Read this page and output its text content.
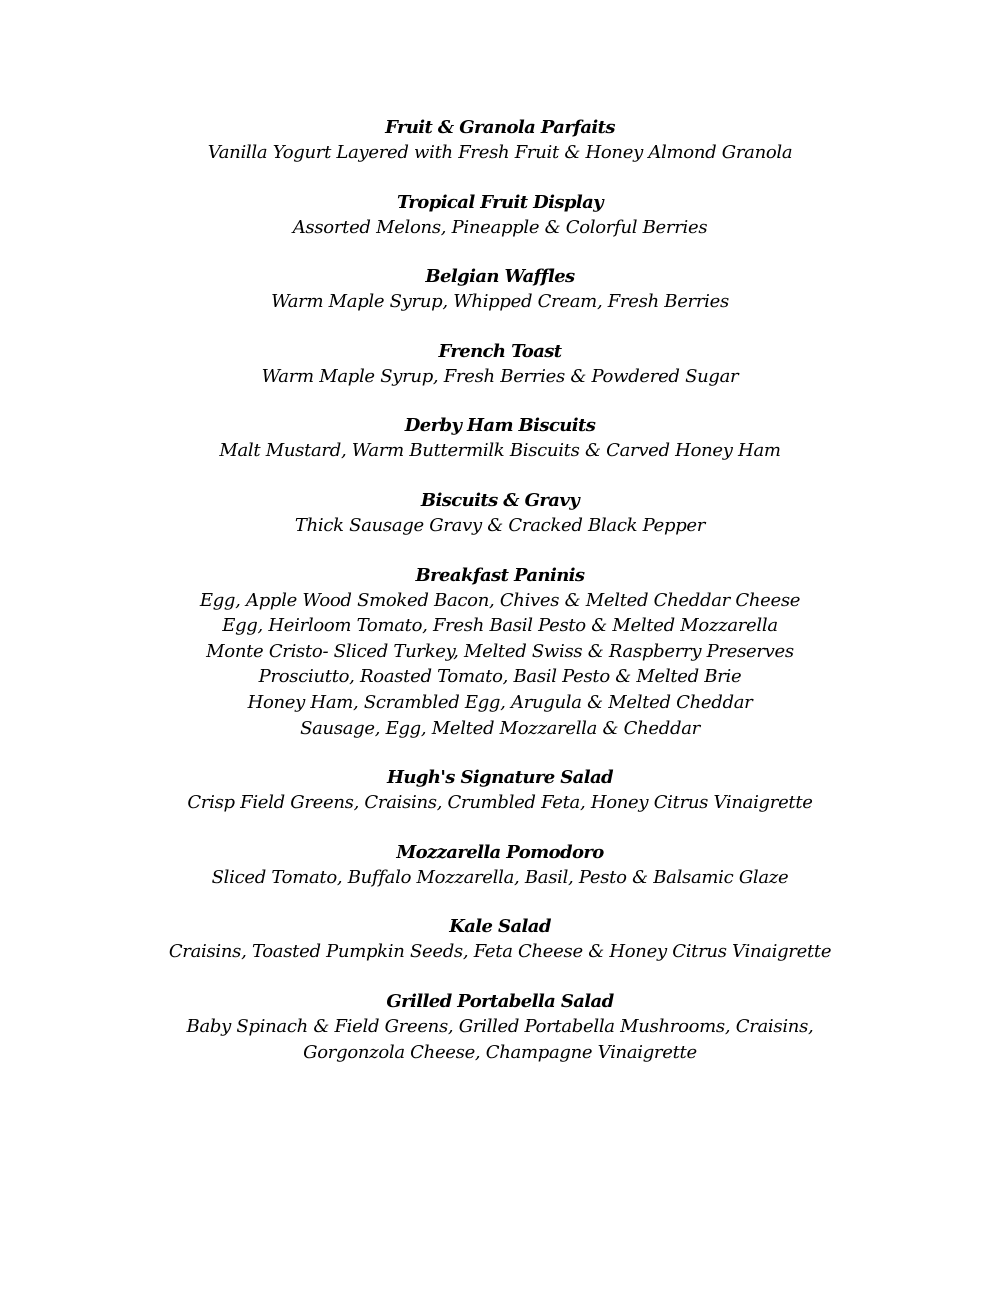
Fruit & Granola Parfaits
Vanilla Yogurt Layered with Fresh Fruit & Honey Almond Granola
Tropical Fruit Display
Assorted Melons, Pineapple & Colorful Berries
Belgian Waffles
Warm Maple Syrup, Whipped Cream, Fresh Berries
French Toast
Warm Maple Syrup, Fresh Berries & Powdered Sugar
Derby Ham Biscuits
Malt Mustard, Warm Buttermilk Biscuits & Carved Honey Ham
Biscuits & Gravy
Thick Sausage Gravy & Cracked Black Pepper
Breakfast Paninis
Egg, Apple Wood Smoked Bacon, Chives & Melted Cheddar Cheese
Egg, Heirloom Tomato, Fresh Basil Pesto & Melted Mozzarella
Monte Cristo- Sliced Turkey, Melted Swiss & Raspberry Preserves
Prosciutto, Roasted Tomato, Basil Pesto & Melted Brie
Honey Ham, Scrambled Egg, Arugula & Melted Cheddar
Sausage, Egg, Melted Mozzarella & Cheddar
Hugh's Signature Salad
Crisp Field Greens, Craisins, Crumbled Feta, Honey Citrus Vinaigrette
Mozzarella Pomodoro
Sliced Tomato, Buffalo Mozzarella, Basil, Pesto & Balsamic Glaze
Kale Salad
Craisins, Toasted Pumpkin Seeds, Feta Cheese & Honey Citrus Vinaigrette
Grilled Portabella Salad
Baby Spinach & Field Greens, Grilled Portabella Mushrooms, Craisins,
Gorgonzola Cheese, Champagne Vinaigrette
